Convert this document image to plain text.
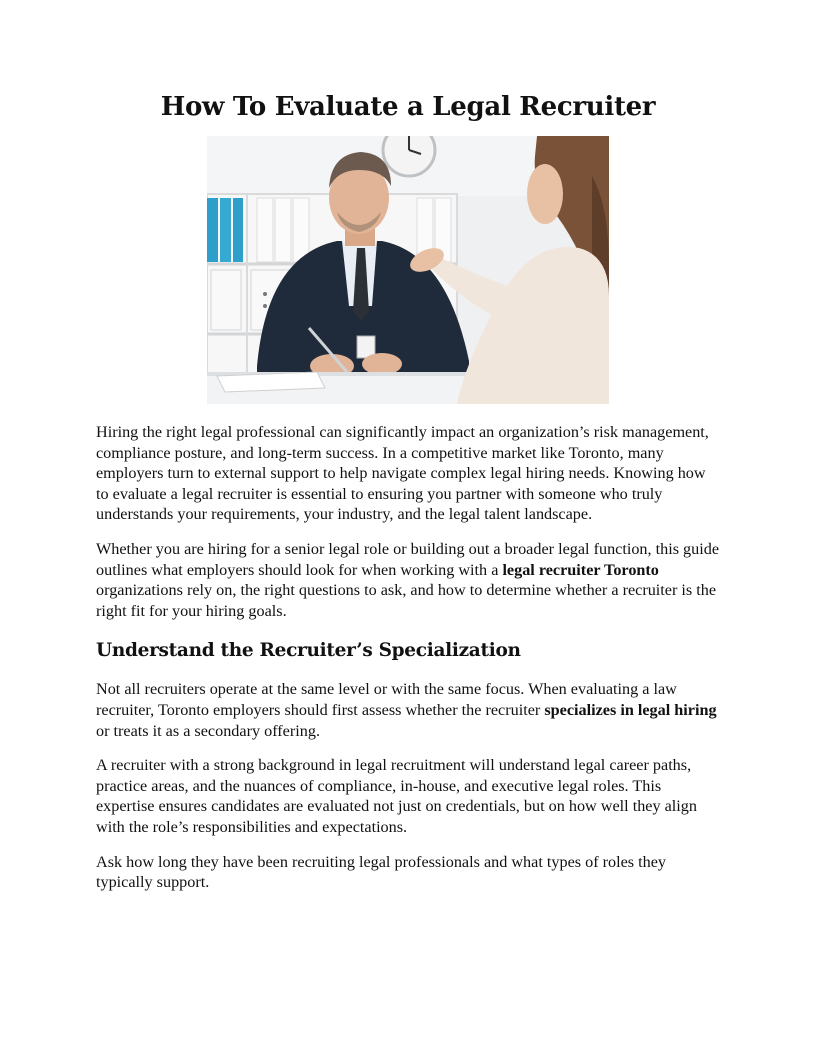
How To Evaluate a Legal Recruiter

Hiring the right legal professional can significantly impact an organization’s risk management, compliance posture, and long-term success. In a competitive market like Toronto, many employers turn to external support to help navigate complex legal hiring needs. Knowing how to evaluate a legal recruiter is essential to ensuring you partner with someone who truly understands your requirements, your industry, and the legal talent landscape.

Whether you are hiring for a senior legal role or building out a broader legal function, this guide outlines what employers should look for when working with a legal recruiter Toronto organizations rely on, the right questions to ask, and how to determine whether a recruiter is the right fit for your hiring goals.

Understand the Recruiter’s Specialization

Not all recruiters operate at the same level or with the same focus. When evaluating a law recruiter, Toronto employers should first assess whether the recruiter specializes in legal hiring or treats it as a secondary offering.

A recruiter with a strong background in legal recruitment will understand legal career paths, practice areas, and the nuances of compliance, in-house, and executive legal roles. This expertise ensures candidates are evaluated not just on credentials, but on how well they align with the role’s responsibilities and expectations.

Ask how long they have been recruiting legal professionals and what types of roles they typically support.
